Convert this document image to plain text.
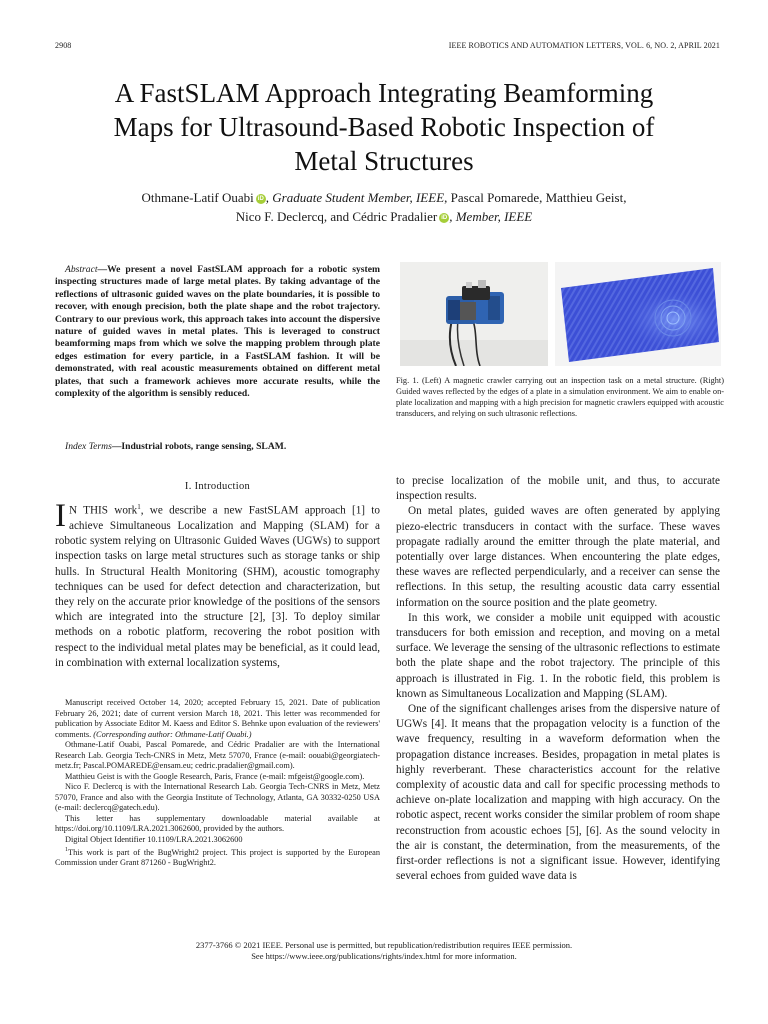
2908	IEEE ROBOTICS AND AUTOMATION LETTERS, VOL. 6, NO. 2, APRIL 2021
A FastSLAM Approach Integrating Beamforming
Maps for Ultrasound-Based Robotic Inspection of
Metal Structures
Othmane-Latif Ouabi iD , Graduate Student Member, IEEE, Pascal Pomarede, Matthieu Geist,
Nico F. Declercq, and Cédric Pradalier iD , Member, IEEE
Abstract—We present a novel FastSLAM approach for a robotic system inspecting structures made of large metal plates. By taking advantage of the reflections of ultrasonic guided waves on the plate boundaries, it is possible to recover, with enough precision, both the plate shape and the robot trajectory. Contrary to our previous work, this approach takes into account the dispersive nature of guided waves in metal plates. This is leveraged to construct beamforming maps from which we solve the mapping problem through plate edges estimation for every particle, in a FastSLAM fashion. It will be demonstrated, with real acoustic measurements obtained on different metal plates, that such a framework achieves more accurate results, while the complexity of the algorithm is sensibly reduced.
Index Terms—Industrial robots, range sensing, SLAM.
Fig. 1. (Left) A magnetic crawler carrying out an inspection task on a metal structure. (Right) Guided waves reflected by the edges of a plate in a simulation environment. We aim to enable on-plate localization and mapping with a high precision for magnetic crawlers equipped with acoustic transducers, and relying on such ultrasonic reflections.
I. Introduction

I N THIS work$^1$, we describe a new FastSLAM approach [1] to achieve Simultaneous Localization and Mapping (SLAM) for a robotic system relying on Ultrasonic Guided Waves (UGWs) to support inspection tasks on large metal structures such as storage tanks or ship hulls. In Structural Health Monitoring (SHM), acoustic tomography techniques can be used for defect detection and characterization, but they rely on the accurate prior knowledge of the positions of the sensors which are integrated into the structure [2], [3]. To deploy similar methods on a robotic platform, recovering the robot position with respect to the individual metal plates may be beneficial, as it could lead, in combination with external localization systems,

Manuscript received October 14, 2020; accepted February 15, 2021. Date of publication February 26, 2021; date of current version March 18, 2021. This letter was recommended for publication by Associate Editor M. Kaess and Editor S. Behnke upon evaluation of the reviewers' comments. (Corresponding author: Othmane-Latif Ouabi.)

Othmane-Latif Ouabi, Pascal Pomarede, and Cédric Pradalier are with the International Research Lab. Georgia Tech-CNRS in Metz, Metz 57070, France (e-mail: oouabi@georgiatech-metz.fr; Pascal.POMAREDE@ensam.eu; cedric.pradalier@gmail.com).

Matthieu Geist is with the Google Research, Paris, France (e-mail: mfgeist@google.com).

Nico F. Declercq is with the International Research Lab. Georgia Tech-CNRS in Metz, Metz 57070, France and also with the Georgia Institute of Technology, Atlanta, GA 30332-0250 USA (e-mail: declercq@gatech.edu).

This letter has supplementary downloadable material available at https://doi.org/10.1109/LRA.2021.3062600, provided by the authors.

Digital Object Identifier 10.1109/LRA.2021.3062600

$^1$This work is part of the BugWright2 project. This project is supported by the European Commission under Grant 871260 - BugWright2.

to precise localization of the mobile unit, and thus, to accurate inspection results.

On metal plates, guided waves are often generated by applying piezo-electric transducers in contact with the surface. These waves propagate radially around the emitter through the plate material, and potentially over large distances. When encountering the plate edges, these waves are reflected perpendicularly, and a receiver can sense the reflections. In this setup, the resulting acoustic data carry essential information on the source position and the plate geometry.

In this work, we consider a mobile unit equipped with acoustic transducers for both emission and reception, and moving on a metal surface. We leverage the sensing of the ultrasonic reflections to estimate both the plate shape and the robot trajectory. The principle of this approach is illustrated in Fig. 1. In the robotic field, this problem is known as Simultaneous Localization and Mapping (SLAM).

One of the significant challenges arises from the dispersive nature of UGWs [4]. It means that the propagation velocity is a function of the wave frequency, resulting in a waveform deformation when the propagation distance increases. Besides, propagation in metal plates is highly reverberant. These characteristics account for the relative complexity of acoustic data and call for specific processing methods to achieve on-plate localization and mapping with high accuracy. On the robotic aspect, recent works consider the similar problem of room shape reconstruction from acoustic echoes [5], [6]. As the sound velocity in the air is constant, the determination, from the measurements, of the first-order reflections is not a significant issue. However, identifying several echoes from guided wave data is

2377-3766 © 2021 IEEE. Personal use is permitted, but republication/redistribution requires IEEE permission.
See https://www.ieee.org/publications/rights/index.html for more information.
